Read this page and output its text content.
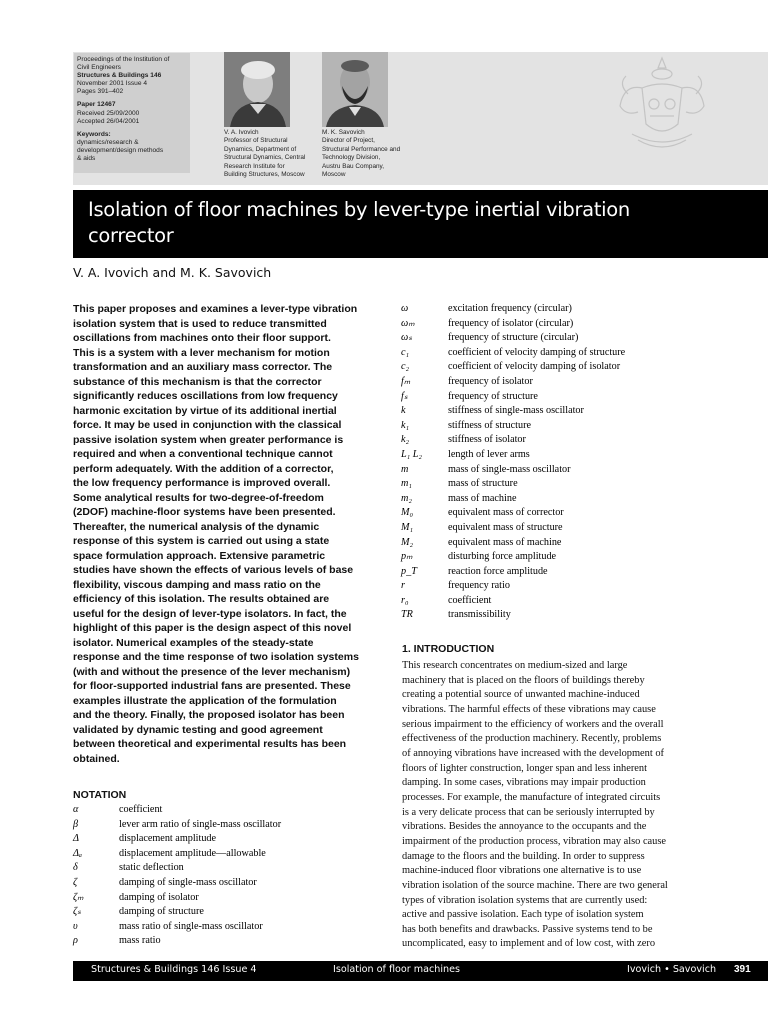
Proceedings of the Institution of
Civil Engineers
Structures & Buildings 146
November 2001 Issue 4
Pages 391–402
Paper 12467
Received 25/09/2000
Accepted 26/04/2001
Keywords:
dynamics/research &
development/design methods
& aids
V. A. Ivovich
Professor of Structural
Dynamics, Department of
Structural Dynamics, Central
Research Institute for
Building Structures, Moscow
M. K. Savovich
Director of Project,
Structural Performance and
Technology Division,
Austru Bau Company,
Moscow
Isolation of floor machines by lever-type inertial vibration
corrector
V. A. Ivovich and M. K. Savovich
This paper proposes and examines a lever-type vibration
isolation system that is used to reduce transmitted
oscillations from machines onto their floor support.
This is a system with a lever mechanism for motion
transformation and an auxiliary mass corrector. The
substance of this mechanism is that the corrector
significantly reduces oscillations from low frequency
harmonic excitation by virtue of its additional inertial
force. It may be used in conjunction with the classical
passive isolation system when greater performance is
required and when a conventional technique cannot
perform adequately. With the addition of a corrector,
the low frequency performance is improved overall.
Some analytical results for two-degree-of-freedom
(2DOF) machine-floor systems have been presented.
Thereafter, the numerical analysis of the dynamic
response of this system is carried out using a state
space formulation approach. Extensive parametric
studies have shown the effects of various levels of base
flexibility, viscous damping and mass ratio on the
efficiency of this isolation. The results obtained are
useful for the design of lever-type isolators. In fact, the
highlight of this paper is the design aspect of this novel
isolator. Numerical examples of the steady-state
response and the time response of two isolation systems
(with and without the presence of the lever mechanism)
for floor-supported industrial fans are presented. These
examples illustrate the application of the formulation
and the theory. Finally, the proposed isolator has been
validated by dynamic testing and good agreement
between theoretical and experimental results has been
obtained.
NOTATION
α	coefficient
β	lever arm ratio of single-mass oscillator
Δ	displacement amplitude
Δₐ	displacement amplitude—allowable
δ	static deflection
ζ	damping of single-mass oscillator
ζₘ	damping of isolator
ζₛ	damping of structure
υ	mass ratio of single-mass oscillator
ρ	mass ratio
ω	excitation frequency (circular)
ωₘ	frequency of isolator (circular)
ωₛ	frequency of structure (circular)
c₁	coefficient of velocity damping of structure
c₂	coefficient of velocity damping of isolator
fₘ	frequency of isolator
fₛ	frequency of structure
k	stiffness of single-mass oscillator
k₁	stiffness of structure
k₂	stiffness of isolator
L₁ L₂	length of lever arms
m	mass of single-mass oscillator
m₁	mass of structure
m₂	mass of machine
M₀	equivalent mass of corrector
M₁	equivalent mass of structure
M₂	equivalent mass of machine
pₘ	disturbing force amplitude
p_T	reaction force amplitude
r	frequency ratio
r₀	coefficient
TR	transmissibility
1. INTRODUCTION
This research concentrates on medium-sized and large
machinery that is placed on the floors of buildings thereby
creating a potential source of unwanted machine-induced
vibrations. The harmful effects of these vibrations may cause
serious impairment to the efficiency of workers and the overall
effectiveness of the production machinery. Recently, problems
of annoying vibrations have increased with the development of
floors of lighter construction, longer span and less inherent
damping. In some cases, vibrations may impair production
processes. For example, the manufacture of integrated circuits
is a very delicate process that can be seriously interrupted by
vibrations. Besides the annoyance to the occupants and the
impairment of the production process, vibration may also cause
damage to the floors and the building. In order to suppress
machine-induced floor vibrations one alternative is to use
vibration isolation of the source machine. There are two general
types of vibration isolation systems that are currently used:
active and passive isolation. Each type of isolation system
has both benefits and drawbacks. Passive systems tend to be
uncomplicated, easy to implement and of low cost, with zero
Structures & Buildings 146 Issue 4	Isolation of floor machines	Ivovich • Savovich 391
